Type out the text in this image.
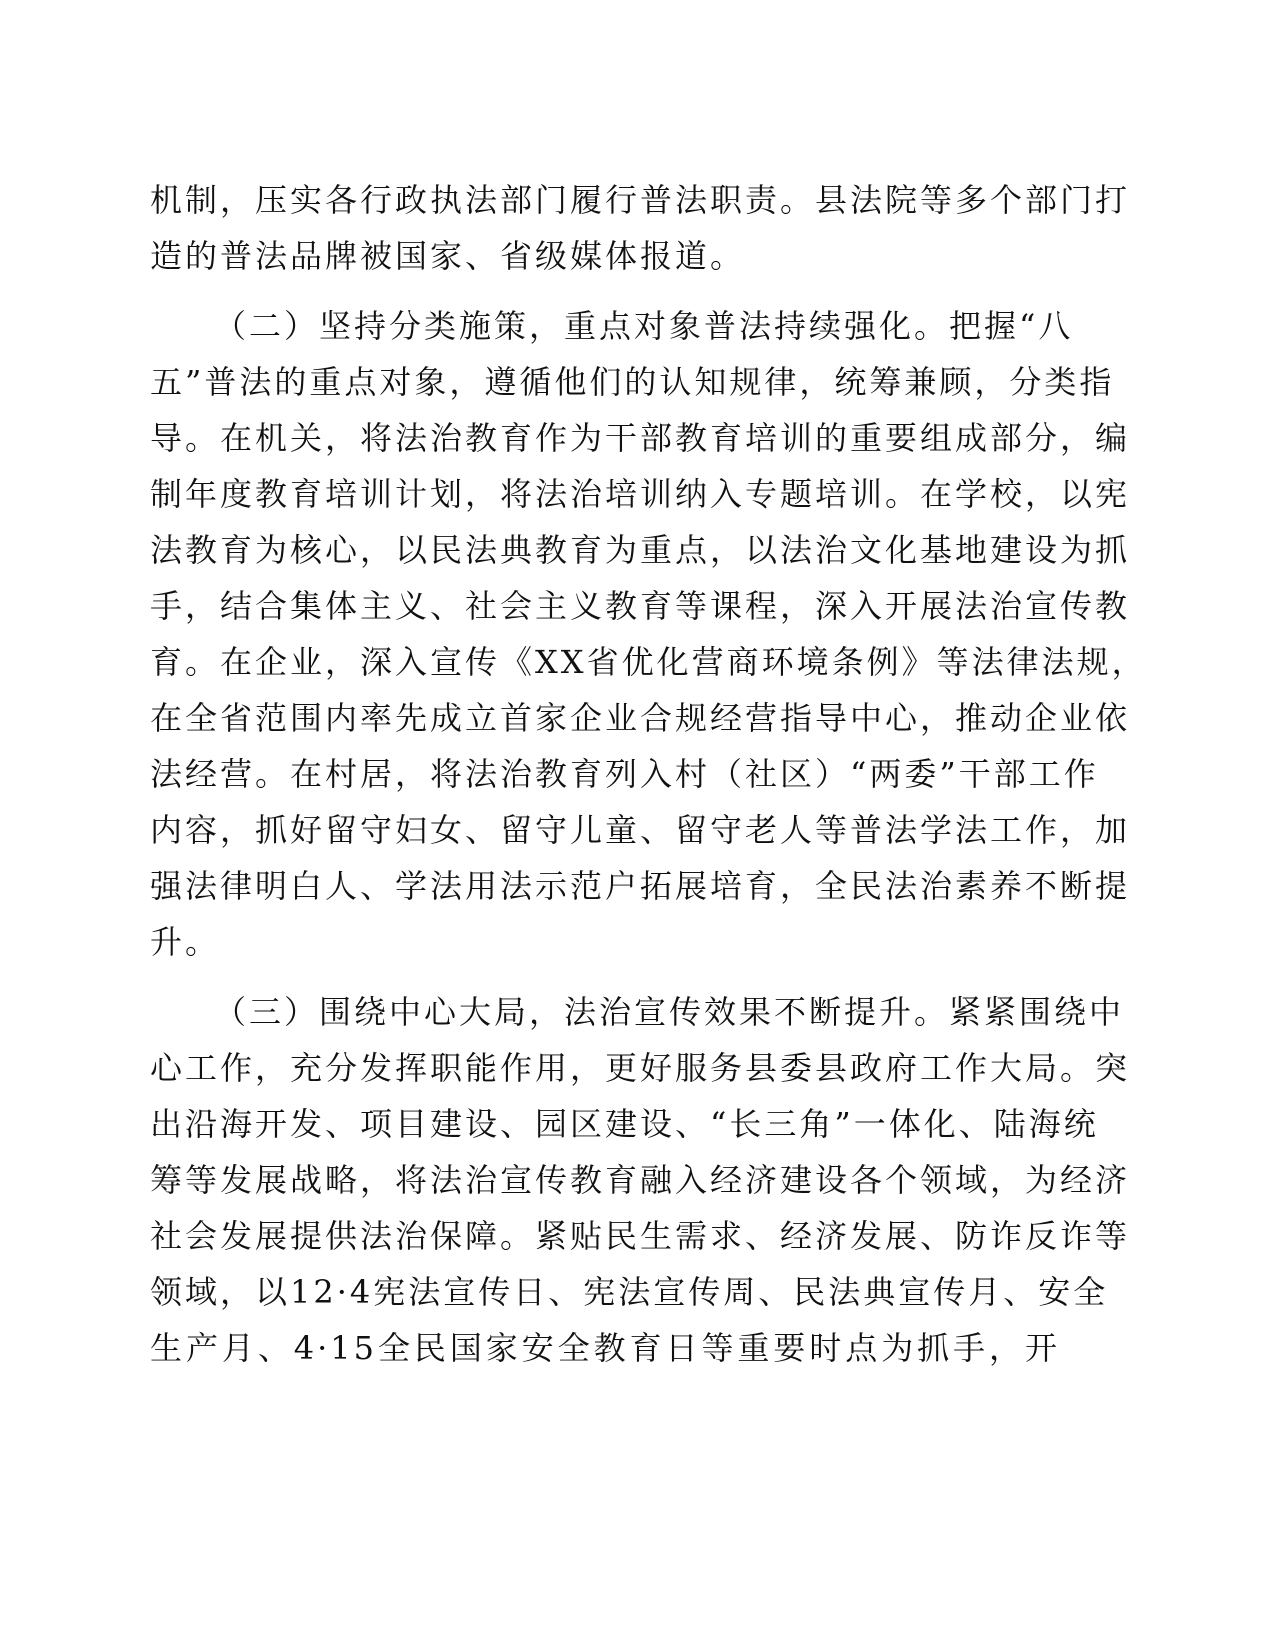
机制，压实各行政执法部门履行普法职责。县法院等多个部门打
造的普法品牌被国家、省级媒体报道。
（二）坚持分类施策，重点对象普法持续强化。把握“八
五”普法的重点对象，遵循他们的认知规律，统筹兼顾，分类指
导。在机关，将法治教育作为干部教育培训的重要组成部分，编
制年度教育培训计划，将法治培训纳入专题培训。在学校，以宪
法教育为核心，以民法典教育为重点，以法治文化基地建设为抓
手，结合集体主义、社会主义教育等课程，深入开展法治宣传教
育。在企业，深入宣传《XX省优化营商环境条例》等法律法规，
在全省范围内率先成立首家企业合规经营指导中心，推动企业依
法经营。在村居，将法治教育列入村（社区）“两委”干部工作
内容，抓好留守妇女、留守儿童、留守老人等普法学法工作，加
强法律明白人、学法用法示范户拓展培育，全民法治素养不断提
升。
（三）围绕中心大局，法治宣传效果不断提升。紧紧围绕中
心工作，充分发挥职能作用，更好服务县委县政府工作大局。突
出沿海开发、项目建设、园区建设、“长三角”一体化、陆海统
筹等发展战略，将法治宣传教育融入经济建设各个领域，为经济
社会发展提供法治保障。紧贴民生需求、经济发展、防诈反诈等
领域，以12·4宪法宣传日、宪法宣传周、民法典宣传月、安全
生产月、4·15全民国家安全教育日等重要时点为抓手，开
